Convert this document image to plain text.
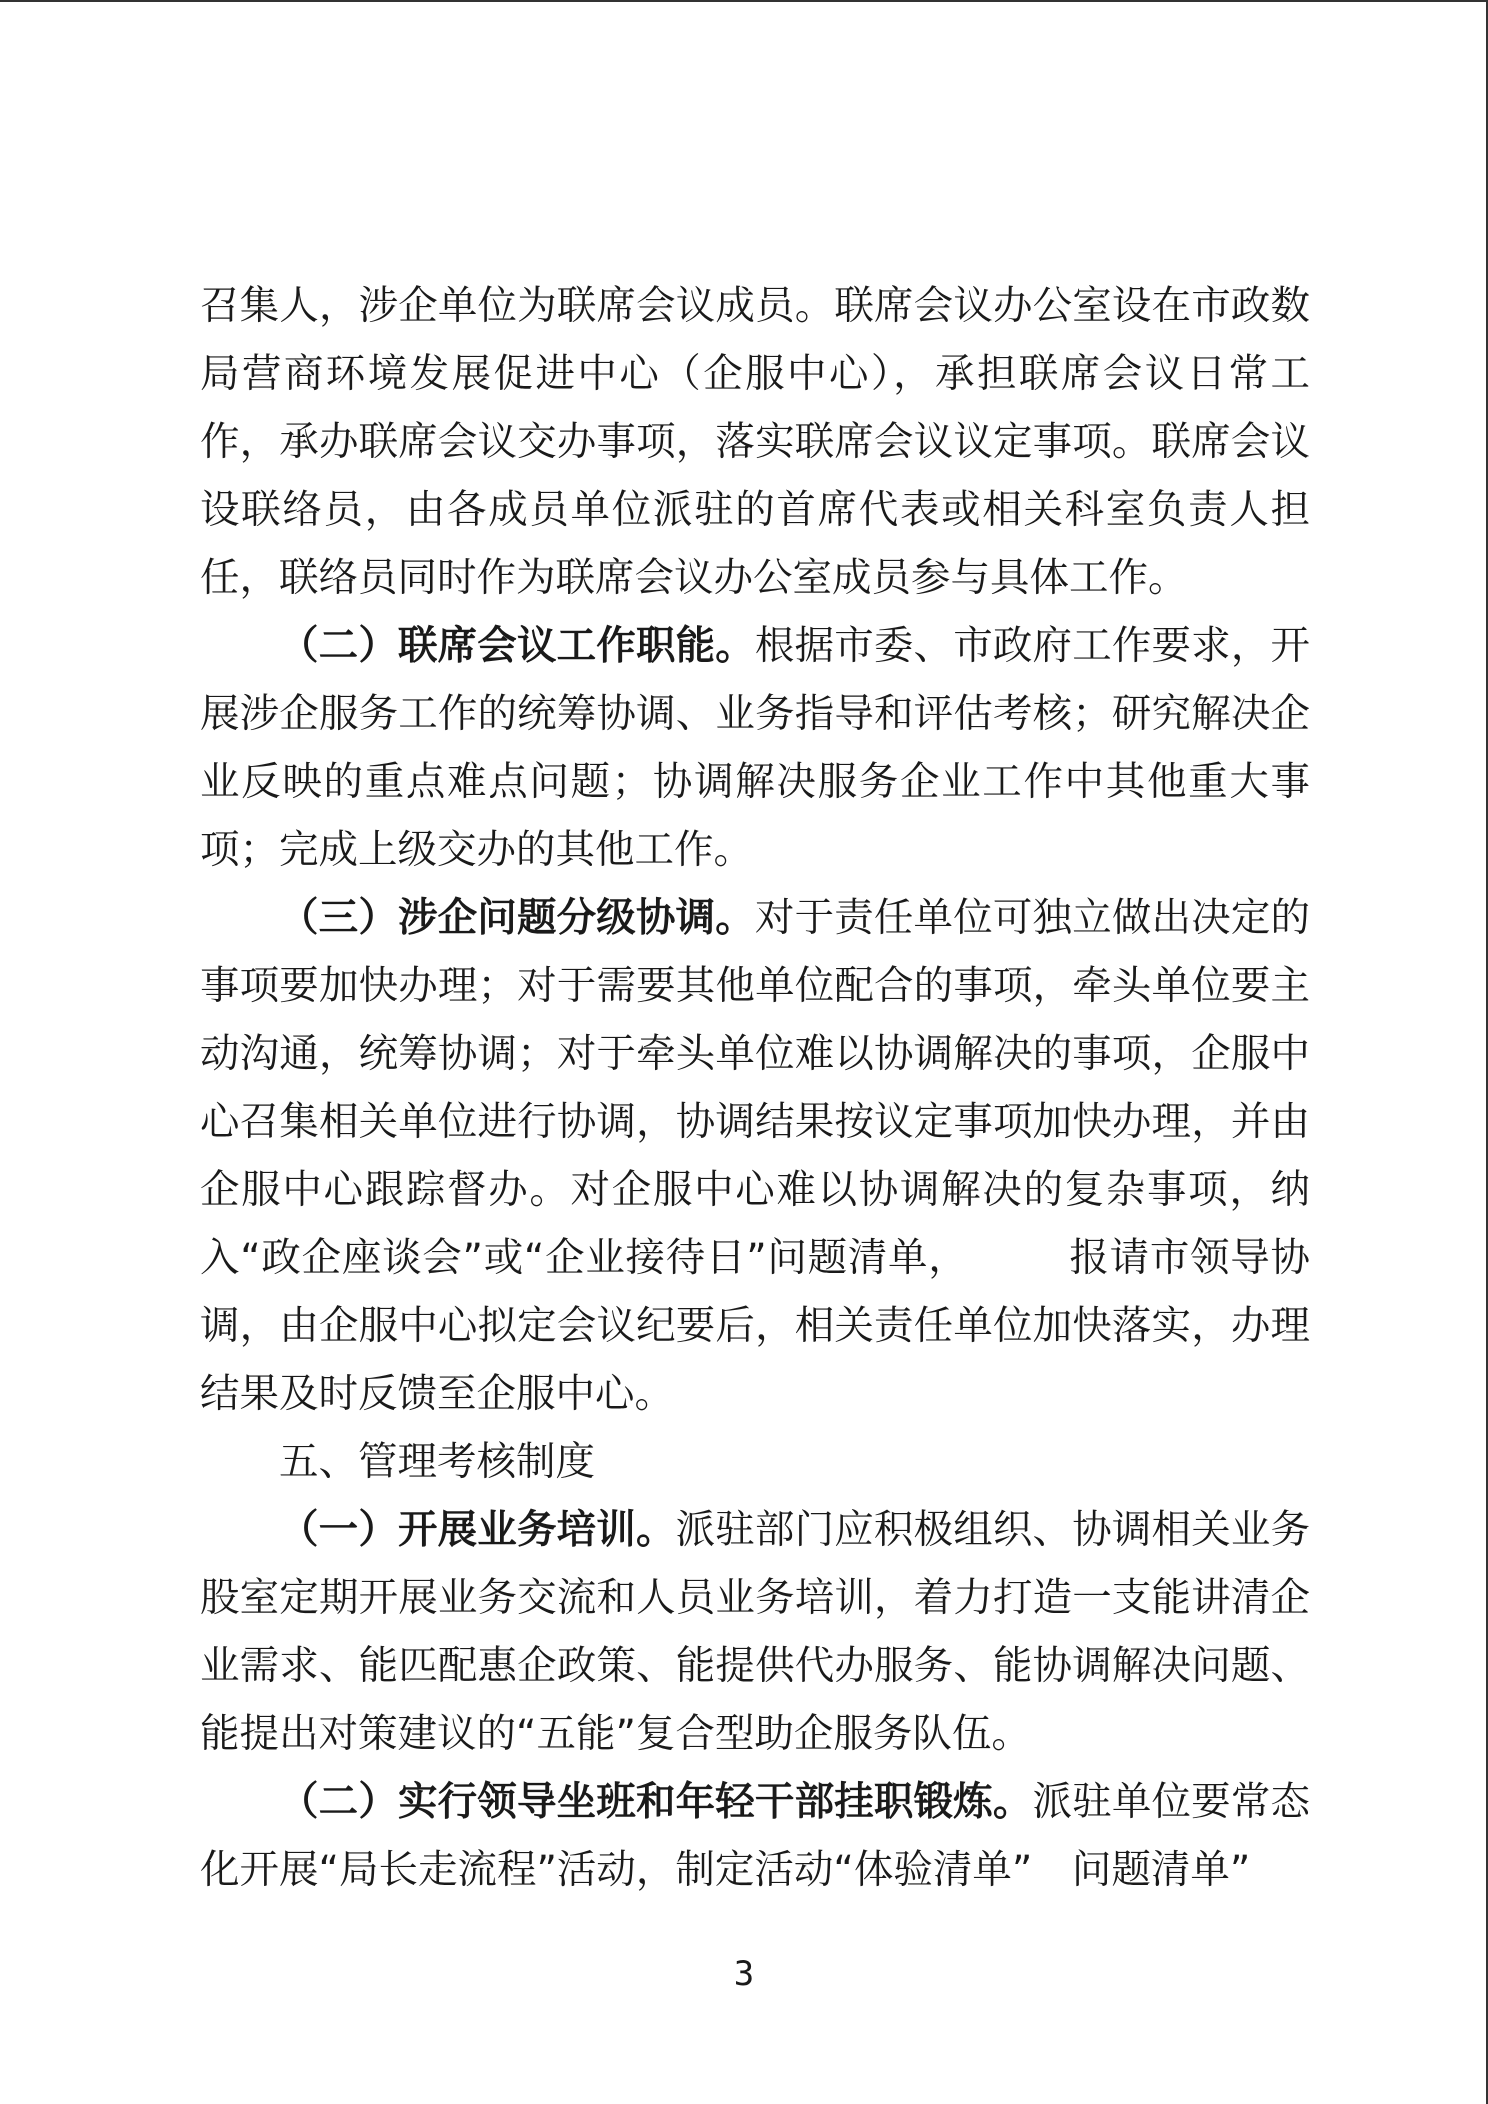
召集人，涉企单位为联席会议成员。联席会议办公室设在市政数局营商环境发展促进中心（企服中心），承担联席会议日常工作，承办联席会议交办事项，落实联席会议议定事项。联席会议设联络员，由各成员单位派驻的首席代表或相关科室负责人担任，联络员同时作为联席会议办公室成员参与具体工作。

（二）联席会议工作职能。根据市委、市政府工作要求，开展涉企服务工作的统筹协调、业务指导和评估考核；研究解决企业反映的重点难点问题；协调解决服务企业工作中其他重大事项；完成上级交办的其他工作。

（三）涉企问题分级协调。对于责任单位可独立做出决定的事项要加快办理；对于需要其他单位配合的事项，牵头单位要主动沟通，统筹协调；对于牵头单位难以协调解决的事项，企服中心召集相关单位进行协调，协调结果按议定事项加快办理，并由企服中心跟踪督办。对企服中心难以协调解决的复杂事项，纳入“政企座谈会”或“企业接待日”问题清单，　　　报请市领导协调，由企服中心拟定会议纪要后，相关责任单位加快落实，办理结果及时反馈至企服中心。

五、管理考核制度

（一）开展业务培训。派驻部门应积极组织、协调相关业务股室定期开展业务交流和人员业务培训，着力打造一支能讲清企业需求、能匹配惠企政策、能提供代办服务、能协调解决问题、能提出对策建议的“五能”复合型助企服务队伍。

（二）实行领导坐班和年轻干部挂职锻炼。派驻单位要常态化开展“局长走流程”活动，制定活动“体验清单”　问题清单”

3
